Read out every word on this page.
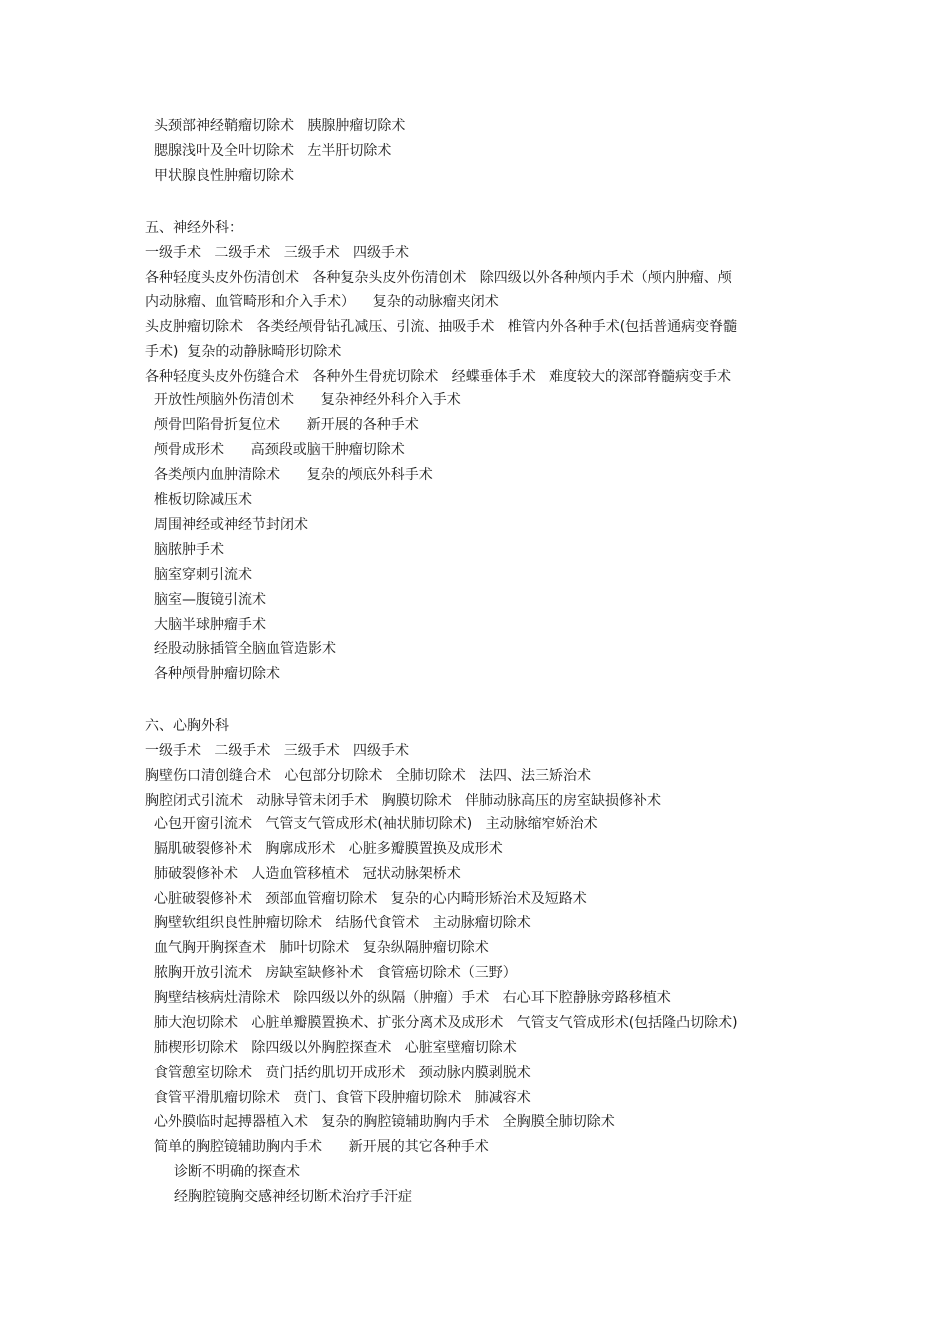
头颈部神经鞘瘤切除术   胰腺肿瘤切除术

腮腺浅叶及全叶切除术   左半肝切除术

甲状腺良性肿瘤切除术

五、神经外科：

一级手术   二级手术   三级手术   四级手术

各种轻度头皮外伤清创术   各种复杂头皮外伤清创术   除四级以外各种颅内手术（颅内肿瘤、颅

内动脉瘤、血管畸形和介入手术）    复杂的动脉瘤夹闭术

头皮肿瘤切除术   各类经颅骨钻孔减压、引流、抽吸手术   椎管内外各种手术(包括普通病变脊髓

手术)  复杂的动静脉畸形切除术

各种轻度头皮外伤缝合术   各种外生骨疣切除术   经蝶垂体手术   难度较大的深部脊髓病变手术

开放性颅脑外伤清创术      复杂神经外科介入手术

颅骨凹陷骨折复位术      新开展的各种手术

颅骨成形术      高颈段或脑干肿瘤切除术

各类颅内血肿清除术      复杂的颅底外科手术

椎板切除减压术

周围神经或神经节封闭术

脑脓肿手术

脑室穿刺引流术

脑室—腹镜引流术

大脑半球肿瘤手术

经股动脉插管全脑血管造影术

各种颅骨肿瘤切除术

六、心胸外科

一级手术   二级手术   三级手术   四级手术

胸壁伤口清创缝合术   心包部分切除术   全肺切除术   法四、法三矫治术

胸腔闭式引流术   动脉导管未闭手术   胸膜切除术   伴肺动脉高压的房室缺损修补术

心包开窗引流术   气管支气管成形术(袖状肺切除术)   主动脉缩窄娇治术

膈肌破裂修补术   胸廓成形术   心脏多瓣膜置换及成形术

肺破裂修补术   人造血管移植术   冠状动脉架桥术

心脏破裂修补术   颈部血管瘤切除术   复杂的心内畸形矫治术及短路术

胸壁软组织良性肿瘤切除术   结肠代食管术   主动脉瘤切除术

血气胸开胸探查术   肺叶切除术   复杂纵隔肿瘤切除术

脓胸开放引流术   房缺室缺修补术   食管癌切除术（三野）

胸壁结核病灶清除术   除四级以外的纵隔（肿瘤）手术   右心耳下腔静脉旁路移植术

肺大泡切除术   心脏单瓣膜置换术、扩张分离术及成形术   气管支气管成形术(包括隆凸切除术)

肺楔形切除术   除四级以外胸腔探查术   心脏室壁瘤切除术

食管憩室切除术   贲门括约肌切开成形术   颈动脉内膜剥脱术

食管平滑肌瘤切除术   贲门、食管下段肿瘤切除术   肺减容术

心外膜临时起搏器植入术   复杂的胸腔镜辅助胸内手术   全胸膜全肺切除术

简单的胸腔镜辅助胸内手术      新开展的其它各种手术

诊断不明确的探查术

经胸腔镜胸交感神经切断术治疗手汗症
